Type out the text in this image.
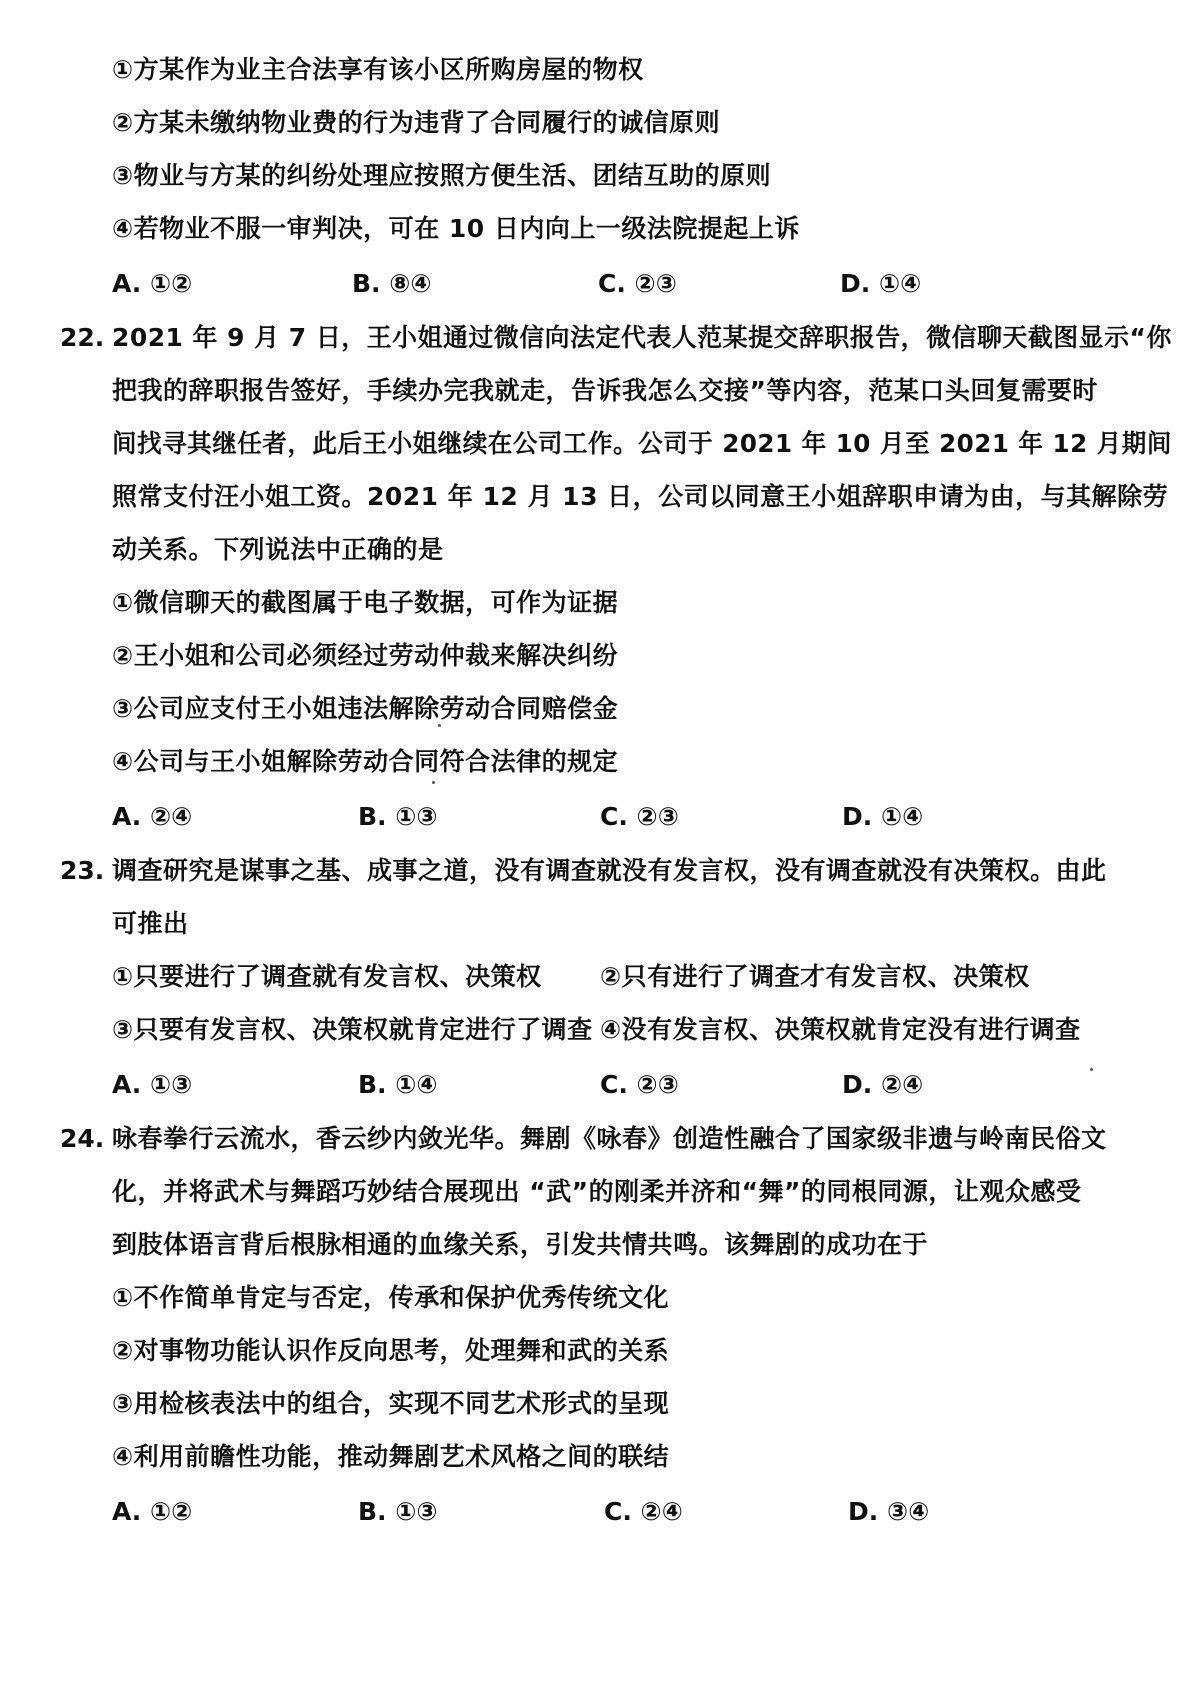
①方某作为业主合法享有该小区所购房屋的物权
②方某未缴纳物业费的行为违背了合同履行的诚信原则
③物业与方某的纠纷处理应按照方便生活、团结互助的原则
④若物业不服一审判决，可在 10 日内向上一级法院提起上诉
A. ①②	B. ⑧④	C. ②③	D. ①④
22. 2021 年 9 月 7 日，王小姐通过微信向法定代表人范某提交辞职报告，微信聊天截图显示“你
把我的辞职报告签好，手续办完我就走，告诉我怎么交接”等内容，范某口头回复需要时
间找寻其继任者，此后王小姐继续在公司工作。公司于 2021 年 10 月至 2021 年 12 月期间
照常支付汪小姐工资。2021 年 12 月 13 日，公司以同意王小姐辞职申请为由，与其解除劳
动关系。下列说法中正确的是
①微信聊天的截图属于电子数据，可作为证据
②王小姐和公司必须经过劳动仲裁来解决纠纷
③公司应支付王小姐违法解除劳动合同赔偿金
④公司与王小姐解除劳动合同符合法律的规定
A. ②④	B. ①③	C. ②③	D. ①④
23. 调查研究是谋事之基、成事之道，没有调查就没有发言权，没有调查就没有决策权。由此
可推出
①只要进行了调查就有发言权、决策权 ②只有进行了调查才有发言权、决策权
③只要有发言权、决策权就肯定进行了调查 ④没有发言权、决策权就肯定没有进行调查
A. ①③	B. ①④	C. ②③	D. ②④
24. 咏春拳行云流水，香云纱内敛光华。舞剧《咏春》创造性融合了国家级非遗与岭南民俗文
化，并将武术与舞蹈巧妙结合展现出 “武”的刚柔并济和“舞”的同根同源，让观众感受
到肢体语言背后根脉相通的血缘关系，引发共情共鸣。该舞剧的成功在于
①不作简单肯定与否定，传承和保护优秀传统文化
②对事物功能认识作反向思考，处理舞和武的关系
③用检核表法中的组合，实现不同艺术形式的呈现
④利用前瞻性功能，推动舞剧艺术风格之间的联结
A. ①②	B. ①③	C. ②④	D. ③④
